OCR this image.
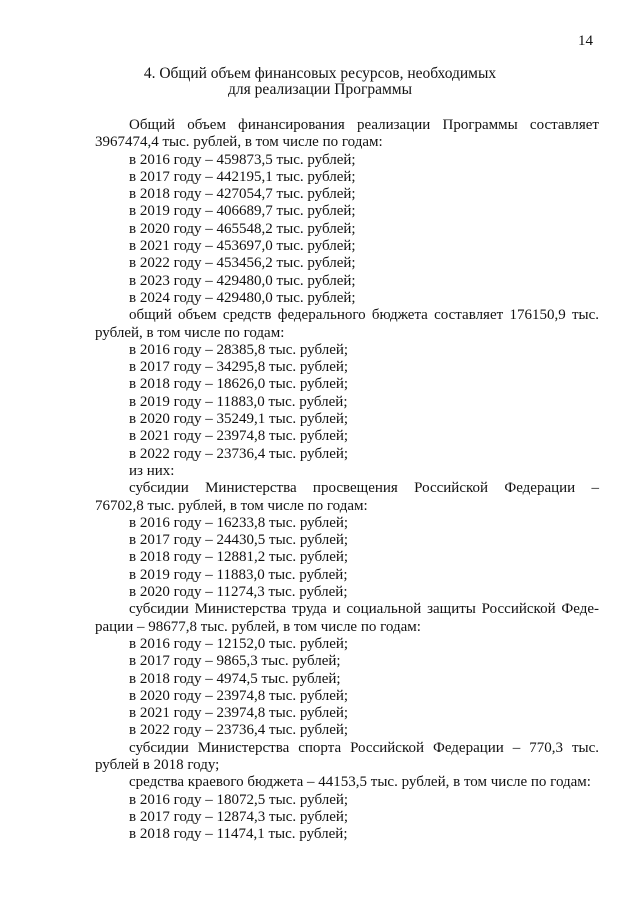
14
4. Общий объем финансовых ресурсов, необходимых
для реализации Программы
Общий объем финансирования реализации Программы составляет
3967474,4 тыс. рублей, в том числе по годам:
в 2016 году – 459873,5 тыс. рублей;
в 2017 году – 442195,1 тыс. рублей;
в 2018 году – 427054,7 тыс. рублей;
в 2019 году – 406689,7 тыс. рублей;
в 2020 году – 465548,2 тыс. рублей;
в 2021 году – 453697,0 тыс. рублей;
в 2022 году – 453456,2 тыс. рублей;
в 2023 году – 429480,0 тыс. рублей;
в 2024 году – 429480,0 тыс. рублей;
общий объем средств федерального бюджета составляет 176150,9 тыс.
рублей, в том числе по годам:
в 2016 году – 28385,8 тыс. рублей;
в 2017 году – 34295,8 тыс. рублей;
в 2018 году – 18626,0 тыс. рублей;
в 2019 году – 11883,0 тыс. рублей;
в 2020 году – 35249,1 тыс. рублей;
в 2021 году – 23974,8 тыс. рублей;
в 2022 году – 23736,4 тыс. рублей;
из них:
субсидии Министерства просвещения Российской Федерации –
76702,8 тыс. рублей, в том числе по годам:
в 2016 году – 16233,8 тыс. рублей;
в 2017 году – 24430,5 тыс. рублей;
в 2018 году – 12881,2 тыс. рублей;
в 2019 году – 11883,0 тыс. рублей;
в 2020 году – 11274,3 тыс. рублей;
субсидии Министерства труда и социальной защиты Российской Феде-
рации – 98677,8 тыс. рублей, в том числе по годам:
в 2016 году – 12152,0 тыс. рублей;
в 2017 году – 9865,3 тыс. рублей;
в 2018 году – 4974,5 тыс. рублей;
в 2020 году – 23974,8 тыс. рублей;
в 2021 году – 23974,8 тыс. рублей;
в 2022 году – 23736,4 тыс. рублей;
субсидии Министерства спорта Российской Федерации – 770,3 тыс.
рублей в 2018 году;
средства краевого бюджета – 44153,5 тыс. рублей, в том числе по годам:
в 2016 году – 18072,5 тыс. рублей;
в 2017 году – 12874,3 тыс. рублей;
в 2018 году – 11474,1 тыс. рублей;
